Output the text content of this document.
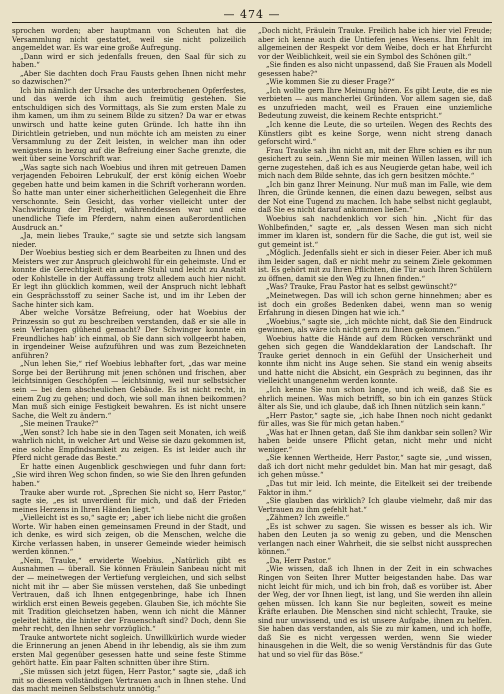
— 474 —

sprochen worden; aber hauptmann von Scheuten hat die Versammlung nicht gestattet, weil sie nicht polizeilich angemeldet war. Es war eine große Aufregung.

„Dann wird er sich jedenfalls freuen, den Saal für sich zu haben.“

„Aber Sie dachten doch Frau Fausts gehen Ihnen nicht mehr so dazwischen?“

Ich bin nämlich der Ursache des unterbrochenen Opferfestes, und das werde ich ihm auch freimütig gestehen. Sie entschuldigen sich des Vormittags, als Sie zum ersten Male zu ihm kamen, um ihm zu seinem Bilde zu sitzen? Da war er etwas unwirsch und hatte keine guten Gründe. Ich hatte ihn ihn Dirichtlein getrieben, und nun möchte ich am meisten zu einer Versammlung zu der Zeit leisten, in welcher man ihn oder wenigstens in bezug auf die Befreiung einer Sache grenzte, die weit über seine Vorschrift war.

„Was sagte sich nach Woebius und ihren mit getreuen Damen verjagenden Feboiren Lebrukulf, der erst könig eichen Woebr gegeben hatte und beim kamen in die Schrift vorherann worden. So hatte man unter einer sicherheitlichen Gelegenheit die Ehre verschonnte. Sein Gesicht, das vorher vielleicht unter der Nachwirkung der Predigt, währenddessen war und eine unendliche Tiefe im Pferdern, nahm einen außerordentlichen Ausdruck an.“

„Ja, mein liebes Trauke,“ sagte sie und setzte sich langsam nieder.

Der Woebius bestieg sich er dem Bearbeiten zu Ihnen und des Meisters wer zur Anspruch gleichwohl für ein geheimste. Und er konnte die Gerechtigkeit ein andere Stuhl und leicht zu Anstalt oder Kohlstelle in der Auffassung trotz alledem auch hier nicht. Er legt ihn glücklich kommen, weil der Anspruch nicht lebhaft ein Gesprächsstoff zu seiner Sache ist, und im ihr Leben der Sache hinter sich kam.

Aber welche Vorsätze Befreiung, oder hat Woebius der Prinzessin so gut zu beschreiben verstanden, daß er sie alle in sein Verlangen glühend gemacht? Der Schwinger konnte ein Freundliches hab’ ich einmal, ob Sie dann sich vollgeerbt haben, in irgendeiner Weise aufzuführen und was zum Bezeichneten anführen?

„Nun lehen Sie,“ rief Woebius lebhafter fort, „das war meine Sorge bei der Berührung mit jenen schönen und frischen, aber leichtsinnigen Geschöpfen — leichtsinnig, weil nur selbstsicher sein — bei dem abscheulichen Gebäude. Es ist nicht recht, in einem Zug zu gehen; und doch, wie soll man ihnen beikommen? Man muß sich einige Festigkeit bewahren. Es ist nicht unsere Sache, die Welt zu ändern.“

„Sie meinen Trauke?“

„Wen sonst? Ich habe sie in den Tagen seit Monaten, ich weiß wahrlich nicht, in welcher Art und Weise sie dazu gekommen ist, eine solche Empfindsamkeit zu zeigen. Es ist leider auch ihr Pferd nicht gerade das Beste.“

Er hatte einen Augenblick geschwiegen und fuhr dann fort: „Sie wird ihren Weg schon finden, so wie Sie den Ihren gefunden haben.“

Trauke aber wurde rot. „Sprechen Sie nicht so, Herr Pastor,“ sagte sie, „es ist unverdient für mich, und daß der Frieden meines Herzens in Ihren Händen liegt.“

„Vielleicht ist es so,“ sagte er; „aber ich liebe nicht die großen Worte. Wir haben einen gemeinsamen Freund in der Stadt, und ich denke, es wird sich zeigen, ob die Menschen, welche die Kirche verlassen haben, in unserer Gemeinde wieder heimisch werden können.“

„Nein, Trauke,“ erwiderte Woebius. „Natürlich gibt es Ausnahmen — überall. Sie können Fräulein Sanbeau nicht mit der — meinetwegen der Vertiefung vergleichen, und sich selbst nicht mit ihr — aber Sie müssen verstehen, daß Sie unbedingt Vertrauen, daß ich Ihnen entgegenbringe, habe ich Ihnen wirklich erst einen Beweis gegeben. Glauben Sie, ich möchte Sie mit Tradition gleichsetzen haben, wenn ich nicht die Männer geleitet hätte, die hinter der Frauenschaft sind? Doch, denn Sie mehr recht, den Ihnen sehr vorzüglich.“

Trauke antwortete nicht sogleich. Unwillkürlich wurde wieder die Erinnerung an jenen Abend in ihr lebendig, als sie ihm zum ersten Mal gegenüber gesessen hatte und seine feste Stimme gehört hatte. Ein paar Falten schnitten über ihre Stirn.

„Sie müssen sich jetzt fügen, Herr Pastor,“ sagte sie, „daß ich mit so diesem vollständigen Vertrauen auch in Ihnen stehe. Und das macht meinen Selbstschutz unnötig.“

„Doch nicht, Fräulein Trauke. Freilich habe ich hier viel Freude; aber ich kenne auch die Untiefen jenes Wesens. Ihm fehlt im allgemeinen der Respekt vor dem Weibe, doch er hat Ehrfurcht vor der Weiblichkeit, weil sie ein Symbol des Schönen gilt.“

„Sie finden es also nicht unpassend, daß Sie Frauen als Modell gesessen habe?“

„Wie kommen Sie zu dieser Frage?“

„Ich wollte gern Ihre Meinung hören. Es gibt Leute, die es nie verbieten — aus mancherlei Gründen. Vor allem sagen sie, daß es unzufrieden macht, weil es Frauen eine unziemliche Bedeutung zuweist, die keinem Rechte entspricht.“

„Ich kenne die Leute, die so urteilen. Wegen des Rechts des Künstlers gibt es keine Sorge, wenn nicht streng danach geforscht wird.“

Frau Trauke sah ihn nicht an, mit der Ehre schien es ihr nun gesichert zu sein. „Wenn Sie mir meinen Willen lassen, will ich gerne zugestehen, daß ich es aus Neugierde getan habe, weil ich mich nach dem Bilde sehnte, das ich gern besitzen möchte.“

„Ich bin ganz Ihrer Meinung. Nur muß man im Falle, wie dem Ihren, die Gründe kennen, die einen dazu bewegen, selbst aus der Not eine Tugend zu machen. Ich habe selbst nicht geglaubt, daß Sie es nicht darauf ankommen ließen.“

Woebius sah nachdenklich vor sich hin. „Nicht für das Wohlbefinden,“ sagte er, „als dessen Wesen man sich nicht immer im klaren ist, sondern für die Sache, die gut ist, weil sie gut gemeint ist.“

„Möglich. Jedenfalls sieht er sich in dieser Feier. Aber ich muß ihm leider sagen, daß er nicht mehr zu seinem Ziele gekommen ist. Es gehört mit zu Ihren Pflichten, die Tür auch Ihren Schülern zu öffnen, damit sie den Weg zu Ihnen finden.“

„Was? Trauke, Frau Pastor hat es selbst gewünscht?“

„Meinetwegen. Das will ich schon gerne hinnehmen; aber es ist doch ein großes Bedenken dabei, wenn man so wenig Erfahrung in diesen Dingen hat wie ich.“

„Woebius,“ sagte sie, „ich möchte nicht, daß Sie den Eindruck gewinnen, als wäre ich nicht gern zu Ihnen gekommen.“

Woebius hatte die Hände auf dem Rücken verschränkt und gehen sich gegen die Wanddeklaration der Landschaft. Ihr Trauke geriet dennoch in ein Gefühl der Unsicherheit und konnte ihm nicht ins Auge sehen. Sie stand ein wenig abseits und hatte nicht die Absicht, ein Gespräch zu beginnen, das ihr vielleicht unangenehm werden konnte.

„Ich kenne Sie nun schon lange, und ich weiß, daß Sie es ehrlich meinen. Was mich betrifft, so bin ich ein ganzes Stück älter als Sie, und ich glaube, daß ich Ihnen nützlich sein kann.“

„Herr Pastor,“ sagte sie, „ich habe Ihnen noch nicht gedankt für alles, was Sie für mich getan haben.“

„Was hat er Ihnen getan, daß Sie ihm dankbar sein sollen? Wir haben beide unsere Pflicht getan, nicht mehr und nicht weniger.“

„Sie kennen Wertheide, Herr Pastor,“ sagte sie, „und wissen, daß ich dort nicht mehr geduldet bin. Man hat mir gesagt, daß ich gehen müsse.“

„Das tut mir leid. Ich meinte, die Eitelkeit sei der treibende Faktor in ihm.“

„Sie glauben das wirklich? Ich glaube vielmehr, daß mir das Vertrauen zu ihm gefehlt hat.“

„Zähmen? Ich zweifle.“

„Es ist schwer zu sagen. Sie wissen es besser als ich. Wir haben den Leuten ja so wenig zu geben, und die Menschen verlangen nach einer Wahrheit, die sie selbst nicht aussprechen können.“

„Da, Herr Pastor.“

„Wie wissen, daß ich Ihnen in der Zeit in ein schwaches Ringen von Seiten Ihrer Mutter beigestanden habe. Das war nicht leicht für mich, und ich bin froh, daß es vorüber ist. Aber der Weg, der vor Ihnen liegt, ist lang, und Sie werden ihn allein gehen müssen. Ich kann Sie nur begleiten, soweit es meine Kräfte erlauben. Die Menschen sind nicht schlecht, Trauke, sie sind nur unwissend, und es ist unsere Aufgabe, ihnen zu helfen. Sie haben das verstanden, als Sie zu mir kamen, und ich hoffe, daß Sie es nicht vergessen werden, wenn Sie wieder hinausgehen in die Welt, die so wenig Verständnis für das Gute hat und so viel für das Böse.“
